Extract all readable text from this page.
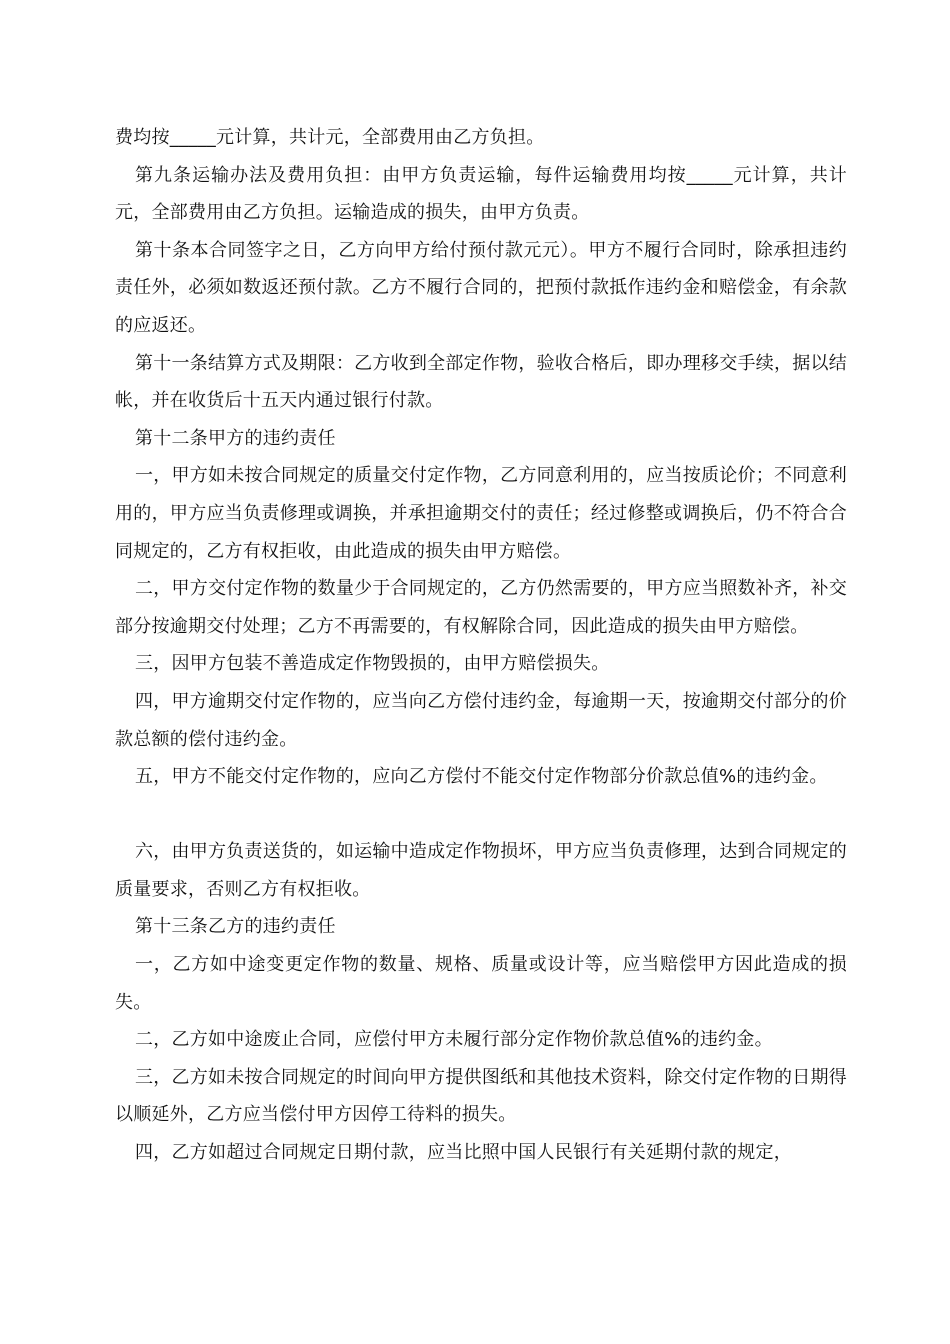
费均按_____元计算，共计元，全部费用由乙方负担。

第九条运输办法及费用负担：由甲方负责运输，每件运输费用均按_____元计算，共计元，全部费用由乙方负担。运输造成的损失，由甲方负责。

第十条本合同签字之日，乙方向甲方给付预付款元元）。甲方不履行合同时，除承担违约责任外，必须如数返还预付款。乙方不履行合同的，把预付款抵作违约金和赔偿金，有余款的应返还。

第十一条结算方式及期限：乙方收到全部定作物，验收合格后，即办理移交手续，据以结帐，并在收货后十五天内通过银行付款。

第十二条甲方的违约责任

一，甲方如未按合同规定的质量交付定作物，乙方同意利用的，应当按质论价；不同意利用的，甲方应当负责修理或调换，并承担逾期交付的责任；经过修整或调换后，仍不符合合同规定的，乙方有权拒收，由此造成的损失由甲方赔偿。

二，甲方交付定作物的数量少于合同规定的，乙方仍然需要的，甲方应当照数补齐，补交部分按逾期交付处理；乙方不再需要的，有权解除合同，因此造成的损失由甲方赔偿。

三，因甲方包装不善造成定作物毁损的，由甲方赔偿损失。

四，甲方逾期交付定作物的，应当向乙方偿付违约金，每逾期一天，按逾期交付部分的价款总额的偿付违约金。

五，甲方不能交付定作物的，应向乙方偿付不能交付定作物部分价款总值%的违约金。

六，由甲方负责送货的，如运输中造成定作物损坏，甲方应当负责修理，达到合同规定的质量要求，否则乙方有权拒收。

第十三条乙方的违约责任

一，乙方如中途变更定作物的数量、规格、质量或设计等，应当赔偿甲方因此造成的损失。

二，乙方如中途废止合同，应偿付甲方未履行部分定作物价款总值%的违约金。

三，乙方如未按合同规定的时间向甲方提供图纸和其他技术资料，除交付定作物的日期得以顺延外，乙方应当偿付甲方因停工待料的损失。

四，乙方如超过合同规定日期付款，应当比照中国人民银行有关延期付款的规定，
